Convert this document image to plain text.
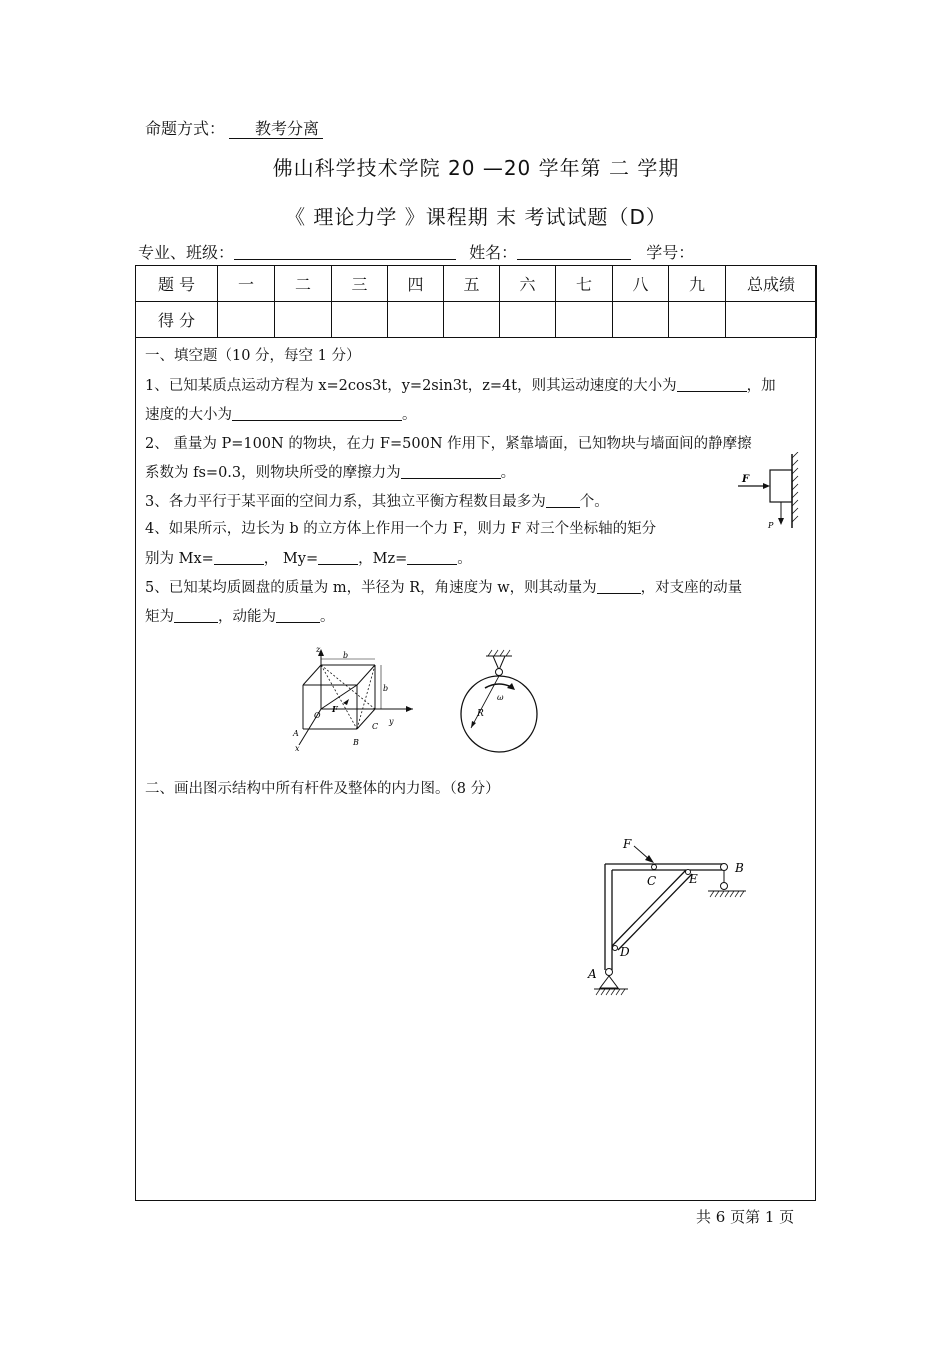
命题方式： 教考分离
佛山科学技术学院 20 —20 学年第 二 学期
《 理论力学 》课程期 末 考试试题（D）
专业、班级：	姓名：	学号：
题 号	一	二	三	四	五	六	七	八	九	总成绩
得 分										
一、填空题（10 分，每空 1 分）
1、已知某质点运动方程为 x=2cos3t，y=2sin3t，z=4t，则其运动速度的大小为	，加
速度的大小为	。
2、 重量为 P=100N 的物块，在力 F=500N 作用下，紧靠墙面，已知物块与墙面间的静摩擦
系数为 fs=0.3，则物块所受的摩擦力为	。
3、各力平行于某平面的空间力系，其独立平衡方程数目最多为 个。
4、如果所示，边长为 b 的立方体上作用一个力 F，则力 F 对三个坐标轴的矩分
别为 Mx=	， My=	，Mz=	。
5、已知某均质圆盘的质量为 m，半径为 R，角速度为 w，则其动量为	，对支座的动量
矩为	，动能为	。
F
P
z
b
b
O
F
C
y
A
x
B
ω
R
二、画出图示结构中所有杆件及整体的内力图。（8 分）
F
C	E
B
D
A
共 6 页第 1 页
